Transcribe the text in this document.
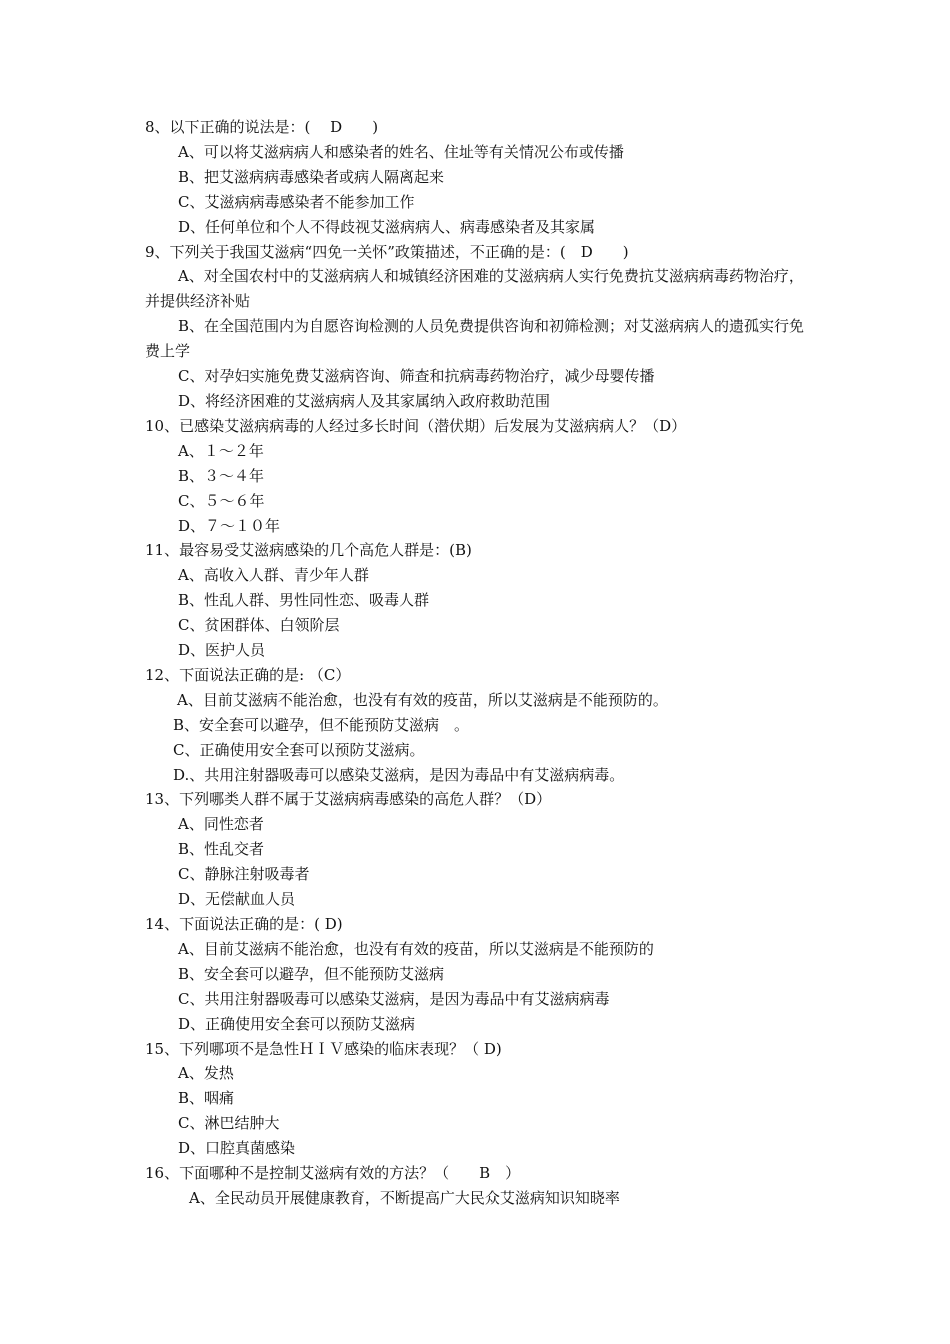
8、以下正确的说法是：(　 D　　)
A、可以将艾滋病病人和感染者的姓名、住址等有关情况公布或传播
B、把艾滋病病毒感染者或病人隔离起来
C、艾滋病病毒感染者不能参加工作
D、任何单位和个人不得歧视艾滋病病人、病毒感染者及其家属
9、下列关于我国艾滋病“四免一关怀”政策描述，不正确的是：(　D　　)
A、对全国农村中的艾滋病病人和城镇经济困难的艾滋病病人实行免费抗艾滋病病毒药物治疗，并提供经济补贴
B、在全国范围内为自愿咨询检测的人员免费提供咨询和初筛检测；对艾滋病病人的遗孤实行免费上学
C、对孕妇实施免费艾滋病咨询、筛查和抗病毒药物治疗，减少母婴传播
D、将经济困难的艾滋病病人及其家属纳入政府救助范围
10、已感染艾滋病病毒的人经过多长时间（潜伏期）后发展为艾滋病病人？（D）
A、１～２年
B、３～４年
C、５～６年
D、７～１０年
11、最容易受艾滋病感染的几个高危人群是：(B)
A、高收入人群、青少年人群
B、性乱人群、男性同性恋、吸毒人群
C、贫困群体、白领阶层
D、医护人员
12、下面说法正确的是: （C）
A、目前艾滋病不能治愈，也没有有效的疫苗，所以艾滋病是不能预防的。
B、安全套可以避孕，但不能预防艾滋病　。
C、正确使用安全套可以预防艾滋病。
D.、共用注射器吸毒可以感染艾滋病，是因为毒品中有艾滋病病毒。
13、下列哪类人群不属于艾滋病病毒感染的高危人群？（D）
A、同性恋者
B、性乱交者
C、静脉注射吸毒者
D、无偿献血人员
14、下面说法正确的是：( D)
A、目前艾滋病不能治愈，也没有有效的疫苗，所以艾滋病是不能预防的
B、安全套可以避孕，但不能预防艾滋病
C、共用注射器吸毒可以感染艾滋病，是因为毒品中有艾滋病病毒
D、正确使用安全套可以预防艾滋病
15、下列哪项不是急性ＨＩＶ感染的临床表现？（ D)
A、发热
B、咽痛
C、淋巴结肿大
D、口腔真菌感染
16、下面哪种不是控制艾滋病有效的方法？（　　B　）
A、全民动员开展健康教育，不断提高广大民众艾滋病知识知晓率
